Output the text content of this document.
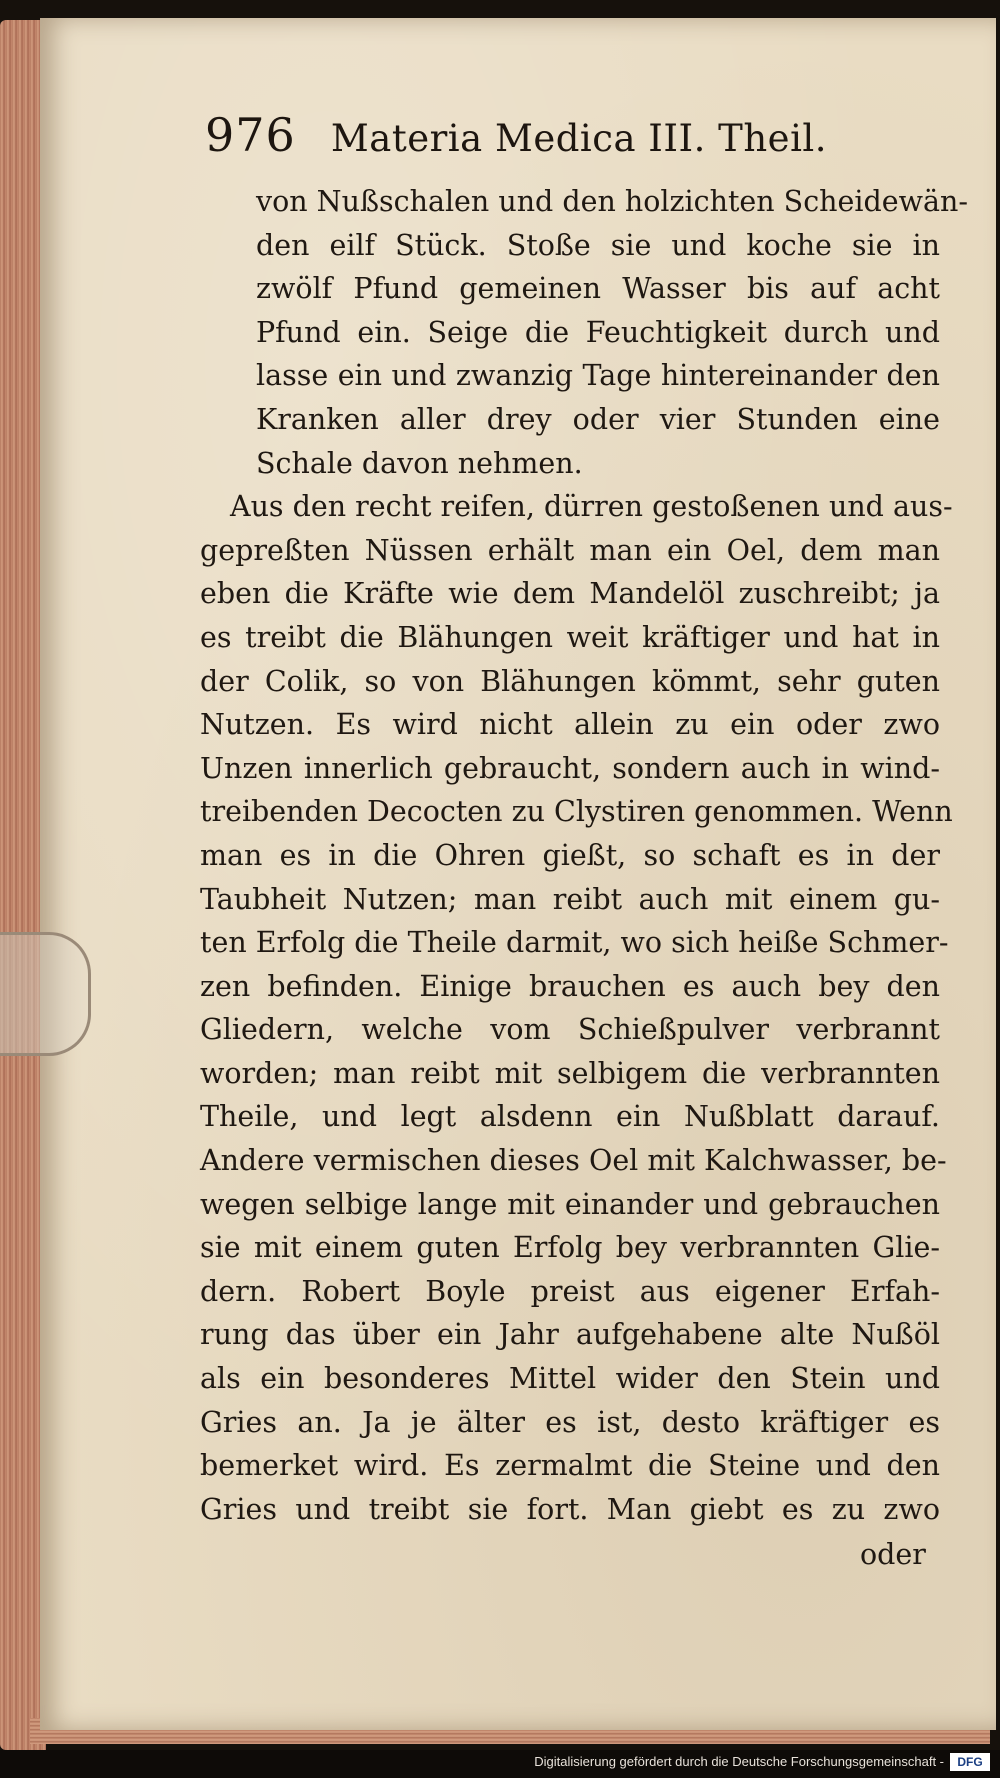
976 Materia Medica III. Theil.
von Nußschalen und den holzichten Scheidewän-
den eilf Stück. Stoße sie und koche sie in
zwölf Pfund gemeinen Wasser bis auf acht
Pfund ein. Seige die Feuchtigkeit durch und
lasse ein und zwanzig Tage hintereinander den
Kranken aller drey oder vier Stunden eine
Schale davon nehmen.
Aus den recht reifen, dürren gestoßenen und aus-
gepreßten Nüssen erhält man ein Oel, dem man
eben die Kräfte wie dem Mandelöl zuschreibt; ja
es treibt die Blähungen weit kräftiger und hat in
der Colik, so von Blähungen kömmt, sehr guten
Nutzen. Es wird nicht allein zu ein oder zwo
Unzen innerlich gebraucht, sondern auch in wind-
treibenden Decocten zu Clystiren genommen. Wenn
man es in die Ohren gießt, so schaft es in der
Taubheit Nutzen; man reibt auch mit einem gu-
ten Erfolg die Theile darmit, wo sich heiße Schmer-
zen befinden. Einige brauchen es auch bey den
Gliedern, welche vom Schießpulver verbrannt
worden; man reibt mit selbigem die verbrannten
Theile, und legt alsdenn ein Nußblatt darauf.
Andere vermischen dieses Oel mit Kalchwasser, be-
wegen selbige lange mit einander und gebrauchen
sie mit einem guten Erfolg bey verbrannten Glie-
dern. Robert Boyle preist aus eigener Erfah-
rung das über ein Jahr aufgehabene alte Nußöl
als ein besonderes Mittel wider den Stein und
Gries an. Ja je älter es ist, desto kräftiger es
bemerket wird. Es zermalmt die Steine und den
Gries und treibt sie fort. Man giebt es zu zwo
oder
Digitalisierung gefördert durch die Deutsche Forschungsgemeinschaft -	DFG
